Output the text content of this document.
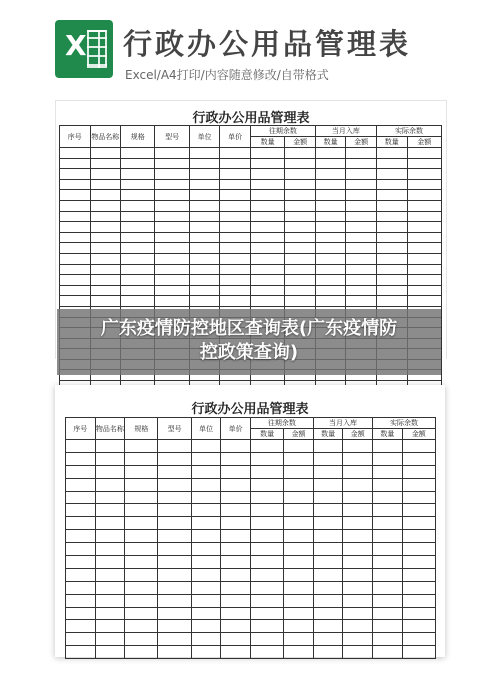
X 行政办公用品管理表
Excel/A4打印/内容随意修改/自带格式
行政办公用品管理表
序号	物品名称	规格	型号	单位	单价	往期余数		当月入库		实际余数	
						数量	金额	数量	金额	数量	金额

行政办公用品管理表
序号	物品名称	规格	型号	单位	单价	往期余数		当月入库		实际余数	
						数量	金额	数量	金额	数量	金额

广东疫情防控地区查询表(广东疫情防
控政策查询)
